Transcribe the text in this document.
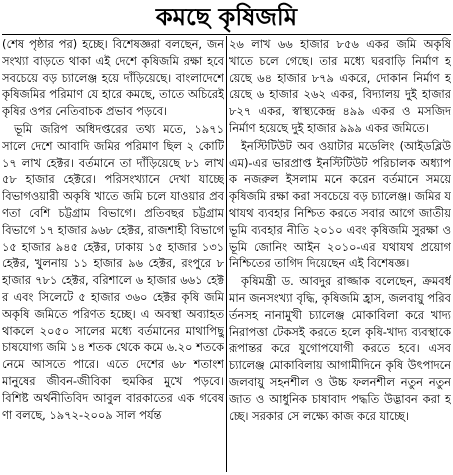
কমছে কৃষিজমি

(শেষ পৃষ্ঠার পর) হচ্ছে। বিশেষজ্ঞরা বলছেন, জনসংখ্যা বাড়তে থাকা এই দেশে কৃষিজমি রক্ষা হবে সবচেয়ে বড় চ্যালেঞ্জ হয়ে দাঁড়িয়েছে। বাংলাদেশে কৃষিজমির পরিমাণ যে হারে কমছে, তাতে অচিরেই কৃষির ওপর নেতিবাচক প্রভাব পড়বে।

ভূমি জরিপ অধিদপ্তরের তথ্য মতে, ১৯৭১ সালে দেশে আবাদি জমির পরিমাণ ছিল ২ কোটি ১৭ লাখ হেক্টর। বর্তমানে তা দাঁড়িয়েছে ৮১ লাখ ৫৮ হাজার হেক্টরে। পরিসংখ্যানে দেখা যাচ্ছে বিভাগওয়ারী অকৃষি খাতে জমি চলে যাওয়ার প্রবণতা বেশি চট্টগ্রাম বিভাগে। প্রতিবছর চট্টগ্রাম বিভাগে ১৭ হাজার ৯৬৮ হেক্টর, রাজশাহী বিভাগে ১৫ হাজার ৯৪৫ হেক্টর, ঢাকায় ১৫ হাজার ১৩১ হেক্টর, খুলনায় ১১ হাজার ৯৬ হেক্টর, রংপুরে ৮ হাজার ৭৮১ হেক্টর, বরিশালে ৬ হাজার ৬৬১ হেক্টর এবং সিলেটে ৫ হাজার ৩৬০ হেক্টর কৃষি জমি অকৃষি জমিতে পরিণত হচ্ছে। এ অবস্থা অব্যাহত থাকলে ২০৫০ সালের মধ্যে বর্তমানের মাথাপিছু চাষযোগ্য জমি ১৪ শতক থেকে কমে ৬.২০ শতকে নেমে আসতে পারে। এতে দেশের ৬৮ শতাংশ মানুষের জীবন-জীবিকা হুমকির মুখে পড়বে। বিশিষ্ট অর্থনীতিবিদ আবুল বারকাতের এক গবেষণা বলছে, ১৯৭২-২০০৯ সাল পর্যন্ত

২৬ লাখ ৬৬ হাজার ৮৫৬ একর জমি অকৃষি খাতে চলে গেছে। তার মধ্যে ঘরবাড়ি নির্মাণ হয়েছে ৬৪ হাজার ৮৭৯ একরে, দোকান নির্মাণ হয়েছে ৬ হাজার ২৬২ একর, বিদ্যালয় দুই হাজার ৮২৭ একর, স্বাস্থ্যকেন্দ্র ৪৯৯ একর ও মসজিদ নির্মাণ হয়েছে দুই হাজার ৯৯৯ একর জমিতে।

ইনস্টিটিউট অব ওয়াটার মডেলিং (আইডব্লিউএম)-এর ভারপ্রাপ্ত ইনস্টিটিউট পরিচালক অধ্যাপক নজরুল ইসলাম মনে করেন বর্তমানে সময়ে কৃষিজমি রক্ষা করা সবচেয়ে বড় চ্যালেঞ্জ। জমির যথাযথ ব্যবহার নিশ্চিত করতে সবার আগে জাতীয় ভূমি ব্যবহার নীতি ২০১০ এবং কৃষিজমি সুরক্ষা ও ভূমি জোনিং আইন ২০১০-এর যথাযথ প্রয়োগ নিশ্চিতের তাগিদ দিয়েছেন এই বিশেষজ্ঞ।

কৃষিমন্ত্রী ড. আবদুর রাজ্জাক বলেছেন, ক্রমবর্ধমান জনসংখ্যা বৃদ্ধি, কৃষিজমি হ্রাস, জলবায়ু পরিবর্তনসহ নানামুখী চ্যালেঞ্জ মোকাবিলা করে খাদ্য নিরাপত্তা টেকসই করতে হলে কৃষি-খাদ্য ব্যবস্থাকে রূপান্তর করে যুগোপযোগী করতে হবে। এসব চ্যালেঞ্জ মোকাবিলায় আগামীদিনে কৃষি উৎপাদনে জলবায়ু সহনশীল ও উচ্চ ফলনশীল নতুন নতুন জাত ও আধুনিক চাষাবাদ পদ্ধতি উদ্ভাবন করা হচ্ছে। সরকার সে লক্ষ্যে কাজ করে যাচ্ছে।
